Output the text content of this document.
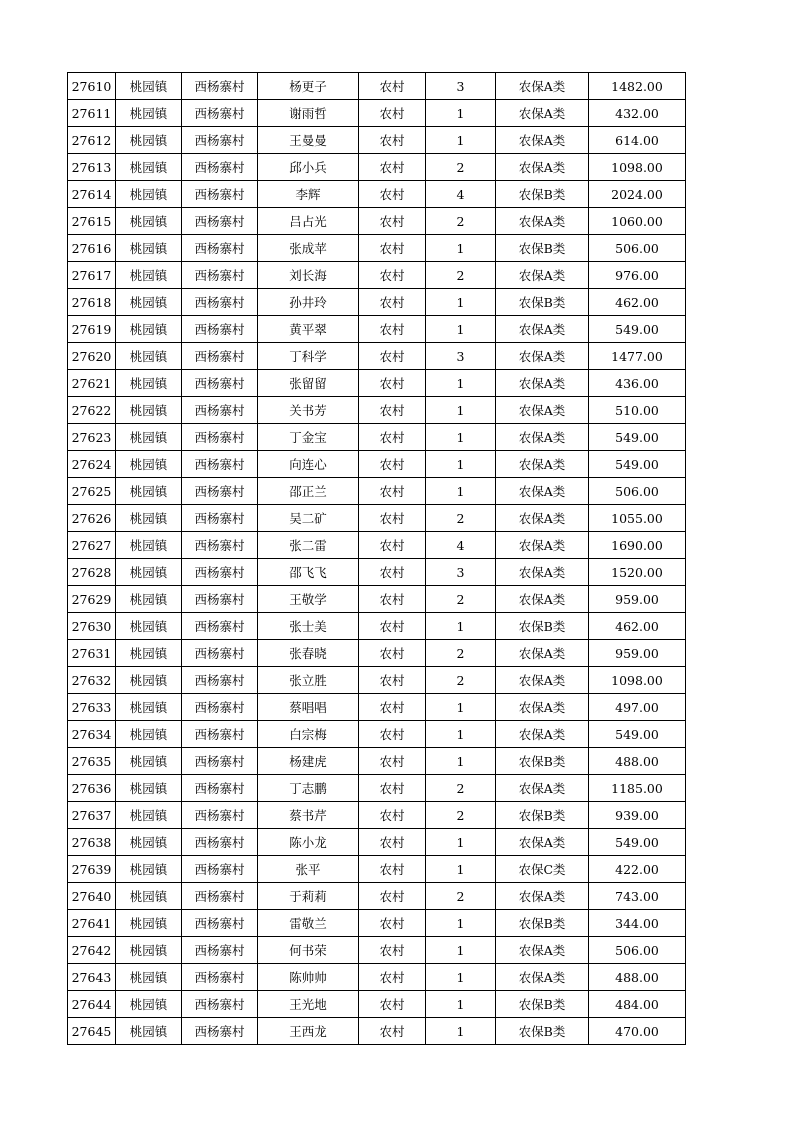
27610	桃园镇	西杨寨村	杨更子	农村	3	农保A类	1482.00
27611	桃园镇	西杨寨村	谢雨哲	农村	1	农保A类	432.00
27612	桃园镇	西杨寨村	王曼曼	农村	1	农保A类	614.00
27613	桃园镇	西杨寨村	邱小兵	农村	2	农保A类	1098.00
27614	桃园镇	西杨寨村	李辉	农村	4	农保B类	2024.00
27615	桃园镇	西杨寨村	吕占光	农村	2	农保A类	1060.00
27616	桃园镇	西杨寨村	张成苹	农村	1	农保B类	506.00
27617	桃园镇	西杨寨村	刘长海	农村	2	农保A类	976.00
27618	桃园镇	西杨寨村	孙井玲	农村	1	农保B类	462.00
27619	桃园镇	西杨寨村	黄平翠	农村	1	农保A类	549.00
27620	桃园镇	西杨寨村	丁科学	农村	3	农保A类	1477.00
27621	桃园镇	西杨寨村	张留留	农村	1	农保A类	436.00
27622	桃园镇	西杨寨村	关书芳	农村	1	农保A类	510.00
27623	桃园镇	西杨寨村	丁金宝	农村	1	农保A类	549.00
27624	桃园镇	西杨寨村	向连心	农村	1	农保A类	549.00
27625	桃园镇	西杨寨村	邵正兰	农村	1	农保A类	506.00
27626	桃园镇	西杨寨村	吴二矿	农村	2	农保A类	1055.00
27627	桃园镇	西杨寨村	张二雷	农村	4	农保A类	1690.00
27628	桃园镇	西杨寨村	邵飞飞	农村	3	农保A类	1520.00
27629	桃园镇	西杨寨村	王敬学	农村	2	农保A类	959.00
27630	桃园镇	西杨寨村	张士美	农村	1	农保B类	462.00
27631	桃园镇	西杨寨村	张春晓	农村	2	农保A类	959.00
27632	桃园镇	西杨寨村	张立胜	农村	2	农保A类	1098.00
27633	桃园镇	西杨寨村	蔡唱唱	农村	1	农保A类	497.00
27634	桃园镇	西杨寨村	白宗梅	农村	1	农保A类	549.00
27635	桃园镇	西杨寨村	杨建虎	农村	1	农保B类	488.00
27636	桃园镇	西杨寨村	丁志鹏	农村	2	农保A类	1185.00
27637	桃园镇	西杨寨村	蔡书芹	农村	2	农保B类	939.00
27638	桃园镇	西杨寨村	陈小龙	农村	1	农保A类	549.00
27639	桃园镇	西杨寨村	张平	农村	1	农保C类	422.00
27640	桃园镇	西杨寨村	于莉莉	农村	2	农保A类	743.00
27641	桃园镇	西杨寨村	雷敬兰	农村	1	农保B类	344.00
27642	桃园镇	西杨寨村	何书荣	农村	1	农保A类	506.00
27643	桃园镇	西杨寨村	陈帅帅	农村	1	农保A类	488.00
27644	桃园镇	西杨寨村	王光地	农村	1	农保B类	484.00
27645	桃园镇	西杨寨村	王西龙	农村	1	农保B类	470.00
